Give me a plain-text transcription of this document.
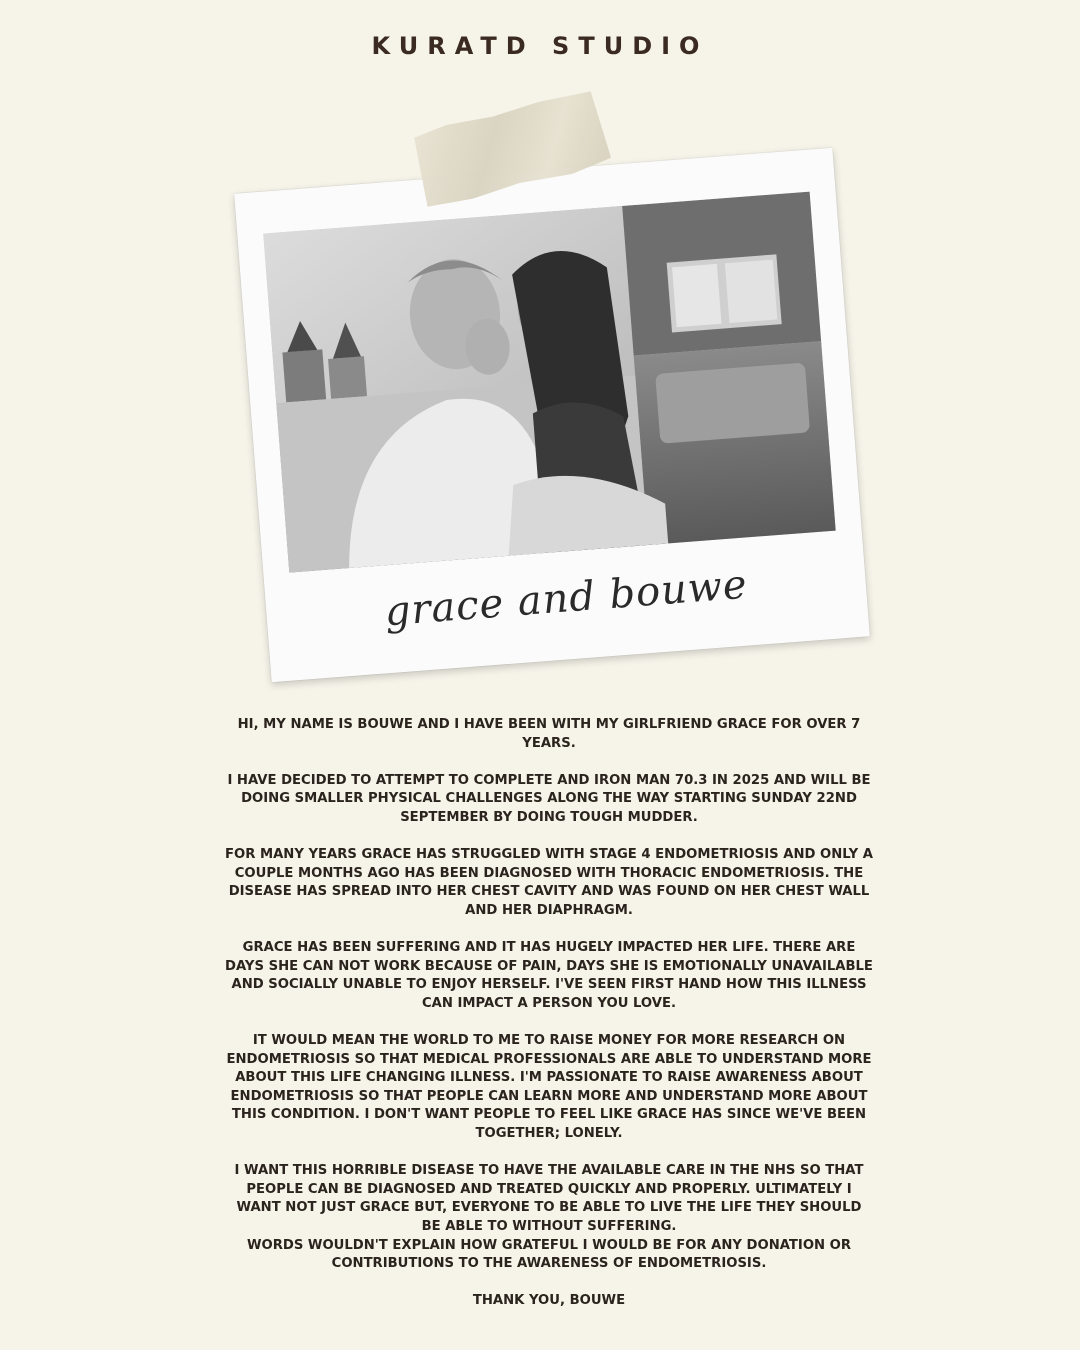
KURATD STUDIO
grace and bouwe

HI, MY NAME IS BOUWE AND I HAVE BEEN WITH MY GIRLFRIEND GRACE FOR OVER 7 YEARS.

I HAVE DECIDED TO ATTEMPT TO COMPLETE AND IRON MAN 70.3 IN 2025 AND WILL BE DOING SMALLER PHYSICAL CHALLENGES ALONG THE WAY STARTING SUNDAY 22ND SEPTEMBER BY DOING TOUGH MUDDER.

FOR MANY YEARS GRACE HAS STRUGGLED WITH STAGE 4 ENDOMETRIOSIS AND ONLY A COUPLE MONTHS AGO HAS BEEN DIAGNOSED WITH THORACIC ENDOMETRIOSIS. THE DISEASE HAS SPREAD INTO HER CHEST CAVITY AND WAS FOUND ON HER CHEST WALL AND HER DIAPHRAGM.

GRACE HAS BEEN SUFFERING AND IT HAS HUGELY IMPACTED HER LIFE. THERE ARE DAYS SHE CAN NOT WORK BECAUSE OF PAIN, DAYS SHE IS EMOTIONALLY UNAVAILABLE AND SOCIALLY UNABLE TO ENJOY HERSELF. I'VE SEEN FIRST HAND HOW THIS ILLNESS CAN IMPACT A PERSON YOU LOVE.

IT WOULD MEAN THE WORLD TO ME TO RAISE MONEY FOR MORE RESEARCH ON ENDOMETRIOSIS SO THAT MEDICAL PROFESSIONALS ARE ABLE TO UNDERSTAND MORE ABOUT THIS LIFE CHANGING ILLNESS. I'M PASSIONATE TO RAISE AWARENESS ABOUT ENDOMETRIOSIS SO THAT PEOPLE CAN LEARN MORE AND UNDERSTAND MORE ABOUT THIS CONDITION. I DON'T WANT PEOPLE TO FEEL LIKE GRACE HAS SINCE WE'VE BEEN TOGETHER; LONELY.

I WANT THIS HORRIBLE DISEASE TO HAVE THE AVAILABLE CARE IN THE NHS SO THAT PEOPLE CAN BE DIAGNOSED AND TREATED QUICKLY AND PROPERLY. ULTIMATELY I WANT NOT JUST GRACE BUT, EVERYONE TO BE ABLE TO LIVE THE LIFE THEY SHOULD BE ABLE TO WITHOUT SUFFERING.

WORDS WOULDN'T EXPLAIN HOW GRATEFUL I WOULD BE FOR ANY DONATION OR CONTRIBUTIONS TO THE AWARENESS OF ENDOMETRIOSIS.

THANK YOU, BOUWE
